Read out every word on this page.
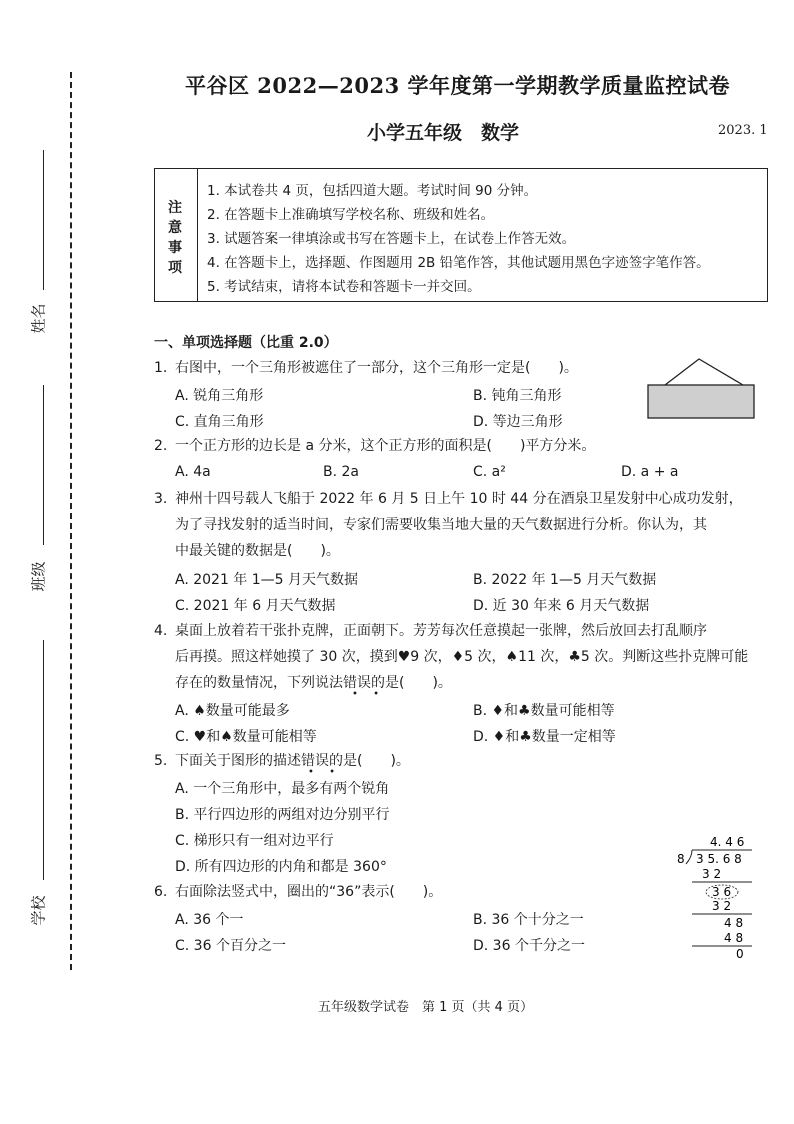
姓名
班级
学校
平谷区 2022—2023 学年度第一学期教学质量监控试卷
小学五年级　数学	2023. 1
注
意
事
项
1. 本试卷共 4 页，包括四道大题。考试时间 90 分钟。
2. 在答题卡上准确填写学校名称、班级和姓名。
3. 试题答案一律填涂或书写在答题卡上，在试卷上作答无效。
4. 在答题卡上，选择题、作图题用 2B 铅笔作答，其他试题用黑色字迹签字笔作答。
5. 考试结束，请将本试卷和答题卡一并交回。
一、单项选择题（比重 2.0）
1. 右图中，一个三角形被遮住了一部分，这个三角形一定是(　　)。
A. 锐角三角形	B. 钝角三角形
C. 直角三角形	D. 等边三角形
2. 一个正方形的边长是 a 分米，这个正方形的面积是(　　)平方分米。
A. 4a	B. 2a	C. a²	D. a + a
3. 神州十四号载人飞船于 2022 年 6 月 5 日上午 10 时 44 分在酒泉卫星发射中心成功发射，
为了寻找发射的适当时间，专家们需要收集当地大量的天气数据进行分析。你认为，其
中最关键的数据是(　　)。
A. 2021 年 1—5 月天气数据	B. 2022 年 1—5 月天气数据
C. 2021 年 6 月天气数据	D. 近 30 年来 6 月天气数据
4. 桌面上放着若干张扑克牌，正面朝下。芳芳每次任意摸起一张牌，然后放回去打乱顺序
后再摸。照这样她摸了 30 次，摸到♥9 次，♦5 次，♠11 次，♣5 次。判断这些扑克牌可能
存在的数量情况，下列说法错误的是(　　)。
• •
A. ♠数量可能最多	B. ♦和♣数量可能相等
C. ♥和♠数量可能相等	D. ♦和♣数量一定相等
5. 下面关于图形的描述错误的是(　　)。
• •
A. 一个三角形中，最多有两个锐角
B. 平行四边形的两组对边分别平行
C. 梯形只有一组对边平行
D. 所有四边形的内角和都是 360°
6. 右面除法竖式中，圈出的“36”表示(　　)。
A. 36 个一	B. 36 个十分之一
C. 36 个百分之一	D. 36 个千分之一
4. 4 6
8 3 5. 6 8
3 2
3 6
3 2
4 8
4 8
0
五年级数学试卷　第 1 页（共 4 页）
